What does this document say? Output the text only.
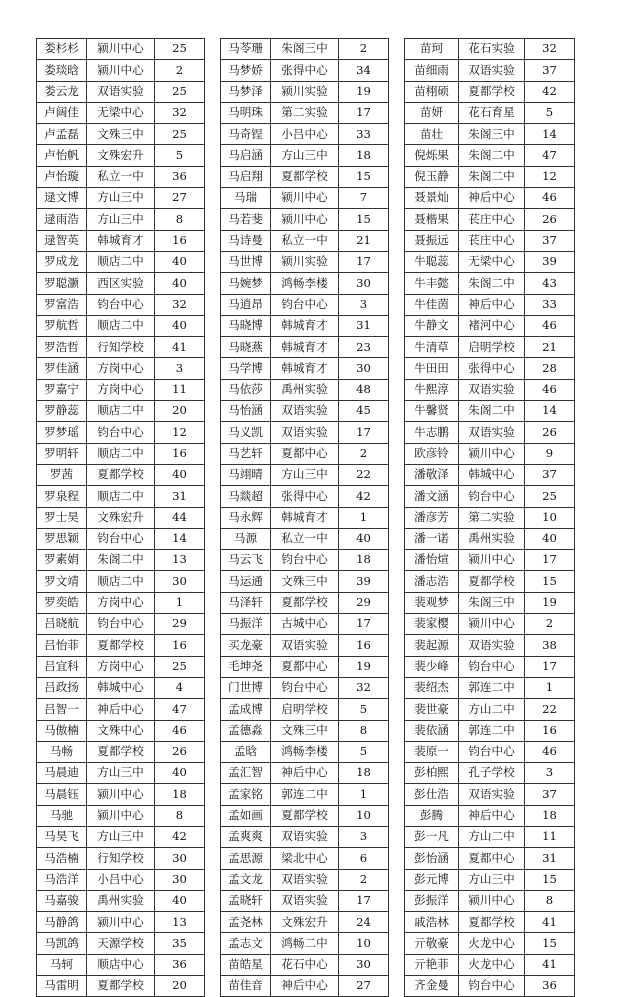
娄杉杉	颍川中心	25
娄琰晗	颍川中心	2
娄云龙	双语实验	25
卢阔佳	无梁中心	32
卢孟磊	文殊三中	25
卢怡帆	文殊宏升	5
卢怡璇	私立一中	36
逯文博	方山三中	27
逯雨浩	方山三中	8
逯智英	韩城育才	16
罗成龙	顺店二中	40
罗聪灏	西区实验	40
罗富浩	钧台中心	32
罗航哲	顺店二中	40
罗浩哲	行知学校	41
罗佳涵	方岗中心	3
罗嘉宁	方岗中心	11
罗静蕊	顺店二中	20
罗梦瑶	钧台中心	12
罗明轩	顺店二中	16
罗茜	夏都学校	40
罗泉程	顺店二中	31
罗士昊	文殊宏升	44
罗思颖	钧台中心	14
罗素娟	朱阁二中	13
罗文靖	顺店二中	30
罗奕皓	方岗中心	1
吕晓航	钧台中心	29
吕怡菲	夏都学校	16
吕宜科	方岗中心	25
吕政扬	韩城中心	4
吕智一	神后中心	47
马傲楠	文殊中心	46
马畅	夏都学校	26
马晨迪	方山三中	40
马晨钰	颍川中心	18
马驰	颍川中心	8
马昊飞	方山三中	42
马浩楠	行知学校	30
马浩洋	小吕中心	30
马嘉骏	禹州实验	40
马静鸽	颍川中心	13
马凯鸽	天源学校	35
马轲	顺店中心	36
马雷明	夏都学校	20
马苓珊	朱阁三中	2
马梦娇	张得中心	34
马梦泽	颍川实验	19
马明珠	第二实验	17
马奇锃	小吕中心	33
马启涵	方山三中	18
马启翔	夏都学校	15
马瑞	颍川中心	7
马若斐	颍川中心	15
马诗曼	私立一中	21
马世博	颍川实验	17
马婉梦	鸿畅李楼	30
马逍昂	钧台中心	3
马晓博	韩城育才	31
马晓燕	韩城育才	23
马学博	韩城育才	30
马依莎	禹州实验	48
马怡涵	双语实验	45
马义凯	双语实验	17
马艺轩	夏都中心	2
马翊晴	方山三中	22
马燚超	张得中心	42
马永辉	韩城育才	1
马源	私立一中	40
马云飞	钧台中心	18
马运通	文殊三中	39
马泽轩	夏都学校	29
马振洋	古城中心	17
买龙豪	双语实验	16
毛坤尧	夏都中心	19
门世博	钧台中心	32
孟成博	启明学校	5
孟德淼	文殊三中	8
孟晗	鸿畅李楼	5
孟汇智	神后中心	18
孟家铭	郭连二中	1
孟如画	夏都学校	10
孟爽爽	双语实验	3
孟思源	梁北中心	6
孟文龙	双语实验	2
孟晓轩	双语实验	17
孟尧林	文殊宏升	24
孟志文	鸿畅二中	10
苗皓星	花石中心	30
苗佳音	神后中心	27
苗珂	花石实验	32
苗细雨	双语实验	37
苗栩硕	夏都学校	42
苗妍	花石育星	5
苗壮	朱阁三中	14
倪烁果	朱阁二中	47
倪玉静	朱阁二中	12
聂景灿	神后中心	46
聂楷果	苌庄中心	26
聂振远	苌庄中心	37
牛聪蕊	无梁中心	39
牛丰懿	朱阁二中	43
牛佳茵	神后中心	33
牛静文	褚河中心	46
牛清草	启明学校	21
牛田田	张得中心	28
牛熙淳	双语实验	46
牛馨贤	朱阁二中	14
牛志鹏	双语实验	26
欧彦铃	颍川中心	9
潘敬泽	韩城中心	37
潘文涵	钧台中心	25
潘彦芳	第二实验	10
潘一诺	禹州实验	40
潘怡煊	颍川中心	17
潘志浩	夏都学校	15
裴观梦	朱阁三中	19
裴家樱	颍川中心	2
裴起源	双语实验	38
裴少峰	钧台中心	17
裴绍杰	郭连二中	1
裴世豪	方山二中	22
裴依涵	郭连二中	16
裴原一	钧台中心	46
彭柏熙	孔子学校	3
彭仕浩	双语实验	37
彭腾	神后中心	18
彭一凡	方山二中	11
彭怡涵	夏都中心	31
彭元博	方山三中	15
彭振洋	颍川中心	8
戚浩林	夏都学校	41
亓敬豪	火龙中心	15
亓艳菲	火龙中心	41
齐金曼	钧台中心	36
